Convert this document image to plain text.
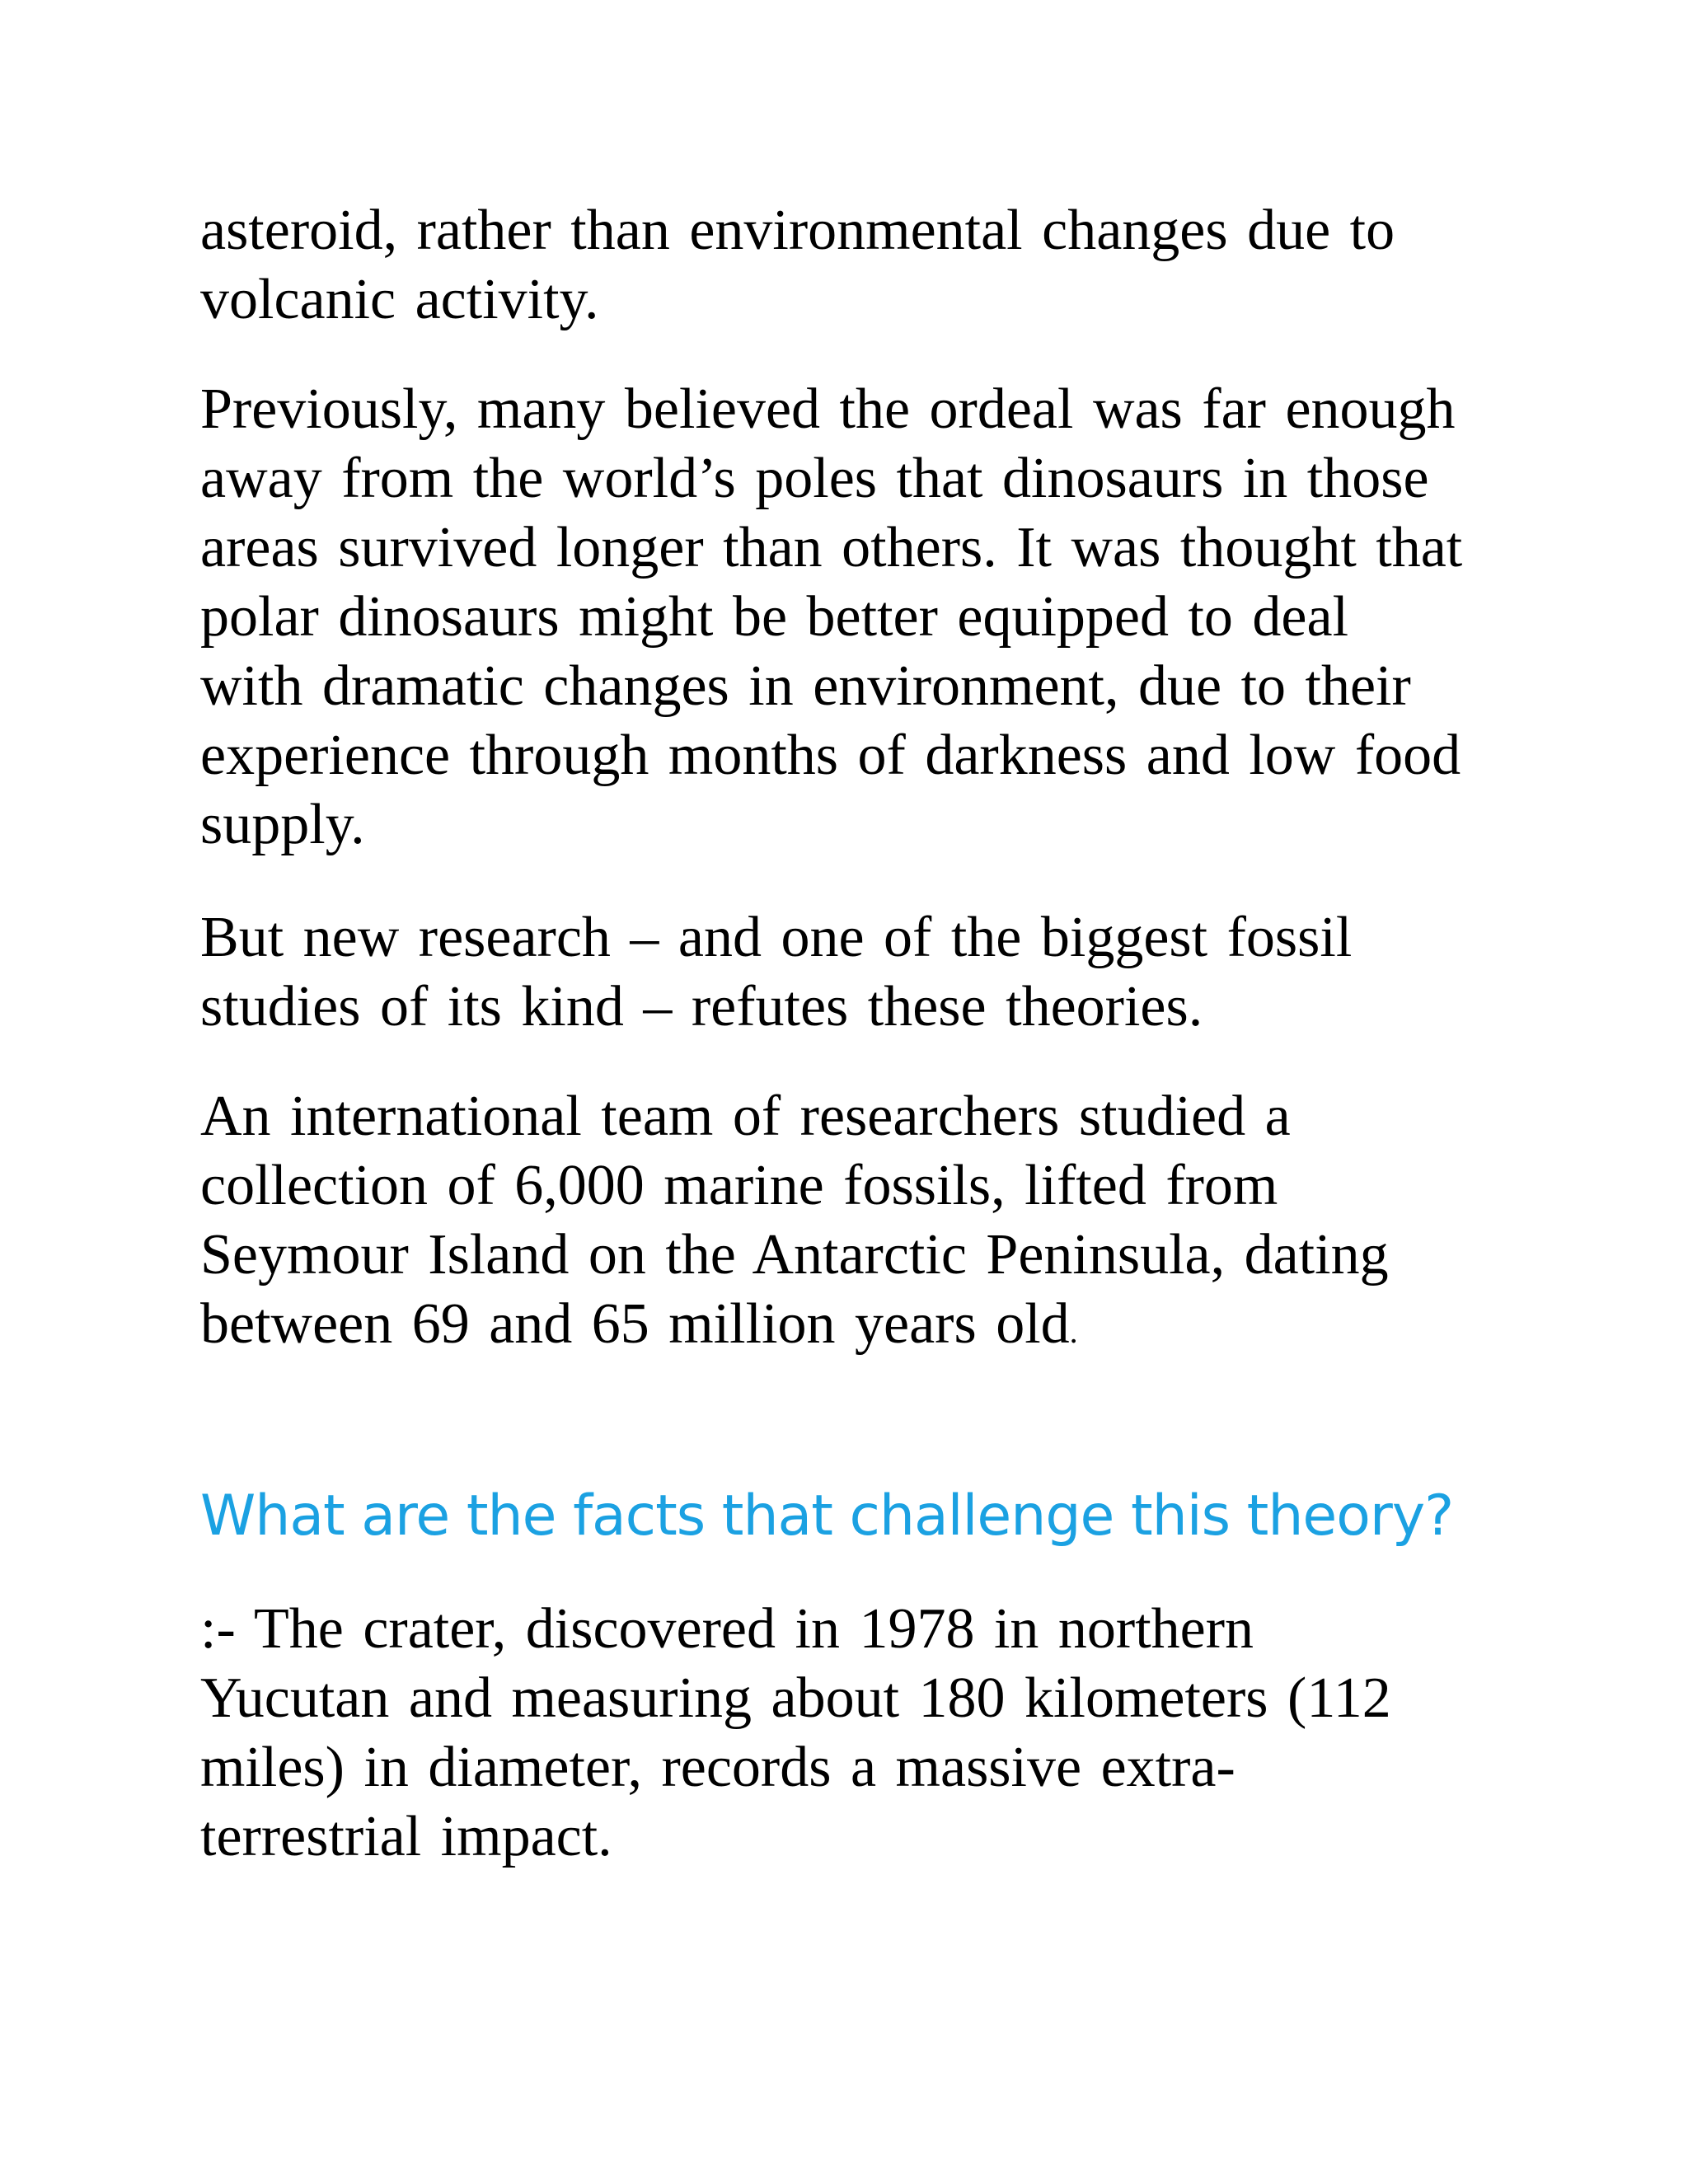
asteroid, rather than environmental changes due to
volcanic activity.
Previously, many believed the ordeal was far enough
away from the world’s poles that dinosaurs in those
areas survived longer than others. It was thought that
polar dinosaurs might be better equipped to deal
with dramatic changes in environment, due to their
experience through months of darkness and low food
supply.
But new research – and one of the biggest fossil
studies of its kind – refutes these theories.
An international team of researchers studied a
collection of 6,000 marine fossils, lifted from
Seymour Island on the Antarctic Peninsula, dating
between 69 and 65 million years old.
What are the facts that challenge this theory?
:- The crater, discovered in 1978 in northern
Yucutan and measuring about 180 kilometers (112
miles) in diameter, records a massive extra-
terrestrial impact.
